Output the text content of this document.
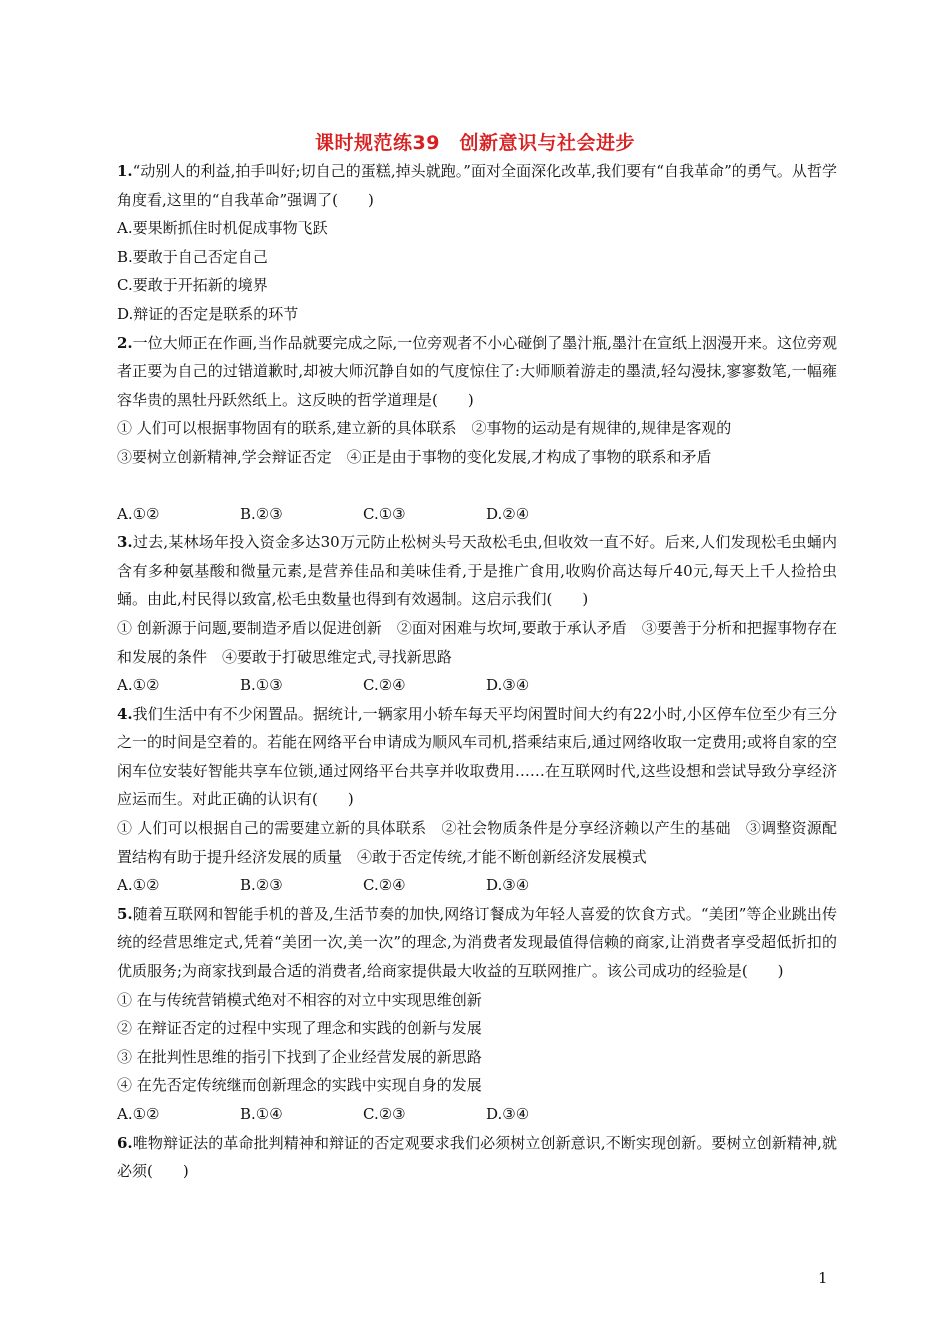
课时规范练39　创新意识与社会进步

1.“动别人的利益,拍手叫好;切自己的蛋糕,掉头就跑。”面对全面深化改革,我们要有“自我革命”的勇气。从哲学角度看,这里的“自我革命”强调了(　　)

A.要果断抓住时机促成事物飞跃

B.要敢于自己否定自己

C.要敢于开拓新的境界

D.辩证的否定是联系的环节

2.一位大师正在作画,当作品就要完成之际,一位旁观者不小心碰倒了墨汁瓶,墨汁在宣纸上洇漫开来。这位旁观者正要为自己的过错道歉时,却被大师沉静自如的气度惊住了:大师顺着游走的墨渍,轻勾漫抹,寥寥数笔,一幅雍容华贵的黑牡丹跃然纸上。这反映的哲学道理是(　　)

① 人们可以根据事物固有的联系,建立新的具体联系　②事物的运动是有规律的,规律是客观的

③要树立创新精神,学会辩证否定　④正是由于事物的变化发展,才构成了事物的联系和矛盾

A.①②	B.②③	C.①③	D.②④

3.过去,某林场年投入资金多达30万元防止松树头号天敌松毛虫,但收效一直不好。后来,人们发现松毛虫蛹内含有多种氨基酸和微量元素,是营养佳品和美味佳肴,于是推广食用,收购价高达每斤40元,每天上千人捡拾虫蛹。由此,村民得以致富,松毛虫数量也得到有效遏制。这启示我们(　　)

① 创新源于问题,要制造矛盾以促进创新　②面对困难与坎坷,要敢于承认矛盾　③要善于分析和把握事物存在和发展的条件　④要敢于打破思维定式,寻找新思路

A.①②	B.①③	C.②④	D.③④

4.我们生活中有不少闲置品。据统计,一辆家用小轿车每天平均闲置时间大约有22小时,小区停车位至少有三分之一的时间是空着的。若能在网络平台申请成为顺风车司机,搭乘结束后,通过网络收取一定费用;或将自家的空闲车位安装好智能共享车位锁,通过网络平台共享并收取费用……在互联网时代,这些设想和尝试导致分享经济应运而生。对此正确的认识有(　　)

① 人们可以根据自己的需要建立新的具体联系　②社会物质条件是分享经济赖以产生的基础　③调整资源配置结构有助于提升经济发展的质量　④敢于否定传统,才能不断创新经济发展模式

A.①②	B.②③	C.②④	D.③④

5.随着互联网和智能手机的普及,生活节奏的加快,网络订餐成为年轻人喜爱的饮食方式。“美团”等企业跳出传统的经营思维定式,凭着“美团一次,美一次”的理念,为消费者发现最值得信赖的商家,让消费者享受超低折扣的优质服务;为商家找到最合适的消费者,给商家提供最大收益的互联网推广。该公司成功的经验是(　　)

① 在与传统营销模式绝对不相容的对立中实现思维创新

② 在辩证否定的过程中实现了理念和实践的创新与发展

③ 在批判性思维的指引下找到了企业经营发展的新思路

④ 在先否定传统继而创新理念的实践中实现自身的发展

A.①②	B.①④	C.②③	D.③④

6.唯物辩证法的革命批判精神和辩证的否定观要求我们必须树立创新意识,不断实现创新。要树立创新精神,就必须(　　)

1
